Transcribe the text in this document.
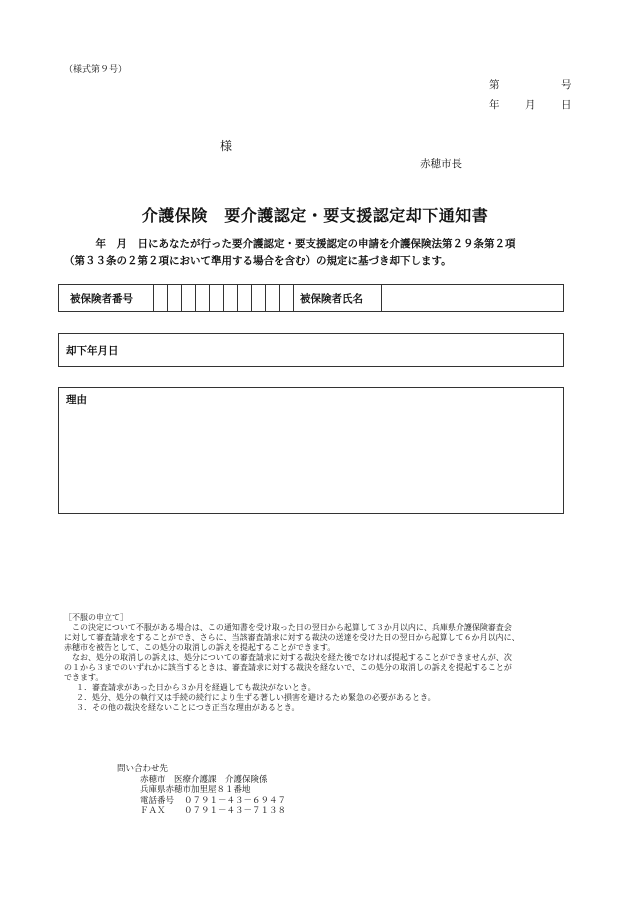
（様式第９号）
第	号
年 月 日
様
赤穂市長
介護保険　要介護認定・要支援認定却下通知書

　　　年　月　日にあなたが行った要介護認定・要支援認定の申請を介護保険法第２９条第２項

（第３３条の２第２項において準用する場合を含む）の規定に基づき却下します。

被保険者番号	被保険者氏名
却下年月日
理由

［不服の申立て］

　この決定について不服がある場合は、この通知書を受け取った日の翌日から起算して３か月以内に、兵庫県介護保険審査会

に対して審査請求をすることができ、さらに、当該審査請求に対する裁決の送達を受けた日の翌日から起算して６か月以内に、

赤穂市を被告として、この処分の取消しの訴えを提起することができます。

　なお、処分の取消しの訴えは、処分についての審査請求に対する裁決を経た後でなければ提起することができませんが、次

の１から３までのいずれかに該当するときは、審査請求に対する裁決を経ないで、この処分の取消しの訴えを提起することが

できます。

１．審査請求があった日から３か月を経過しても裁決がないとき。

２．処分、処分の執行又は手続の続行により生ずる著しい損害を避けるため緊急の必要があるとき。

３．その他の裁決を経ないことにつき正当な理由があるとき。

問い合わせ先

赤穂市　医療介護課　介護保険係

兵庫県赤穂市加里屋８１番地

電話番号 ０７９１－４３－６９４７

ＦＡＸ ０７９１－４３－７１３８
